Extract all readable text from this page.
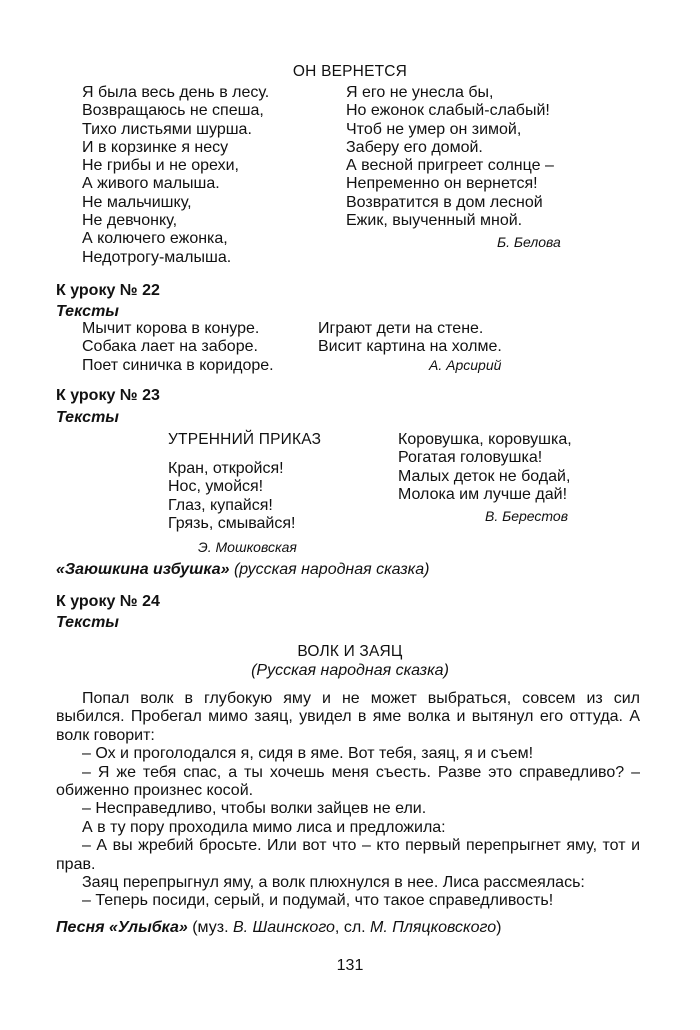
ОН ВЕРНЕТСЯ
Я была весь день в лесу.
Возвращаюсь не спеша,
Тихо листьями шурша.
И в корзинке я несу
Не грибы и не орехи,
А живого малыша.
Не мальчишку,
Не девчонку,
А колючего ежонка,
Недотрогу-малыша.
Я его не унесла бы,
Но ежонок слабый-слабый!
Чтоб не умер он зимой,
Заберу его домой.
А весной пригреет солнце –
Непременно он вернется!
Возвратится в дом лесной
Ежик, выученный мной.
Б. Белова
К уроку № 22
Тексты
Мычит корова в конуре.
Собака лает на заборе.
Поет синичка в коридоре.
Играют дети на стене.
Висит картина на холме.
А. Арсирий
К уроку № 23
Тексты
УТРЕННИЙ ПРИКАЗ
Кран, откройся!
Нос, умойся!
Глаз, купайся!
Грязь, смывайся!
Э. Мошковская
Коровушка, коровушка,
Рогатая головушка!
Малых деток не бодай,
Молока им лучше дай!
В. Берестов
«Заюшкина избушка» (русская народная сказка)
К уроку № 24
Тексты
ВОЛК И ЗАЯЦ
(Русская народная сказка)

Попал волк в глубокую яму и не может выбраться, совсем из сил выбился. Пробегал мимо заяц, увидел в яме волка и вытянул его оттуда. А волк говорит:

– Ох и проголодался я, сидя в яме. Вот тебя, заяц, я и съем!

– Я же тебя спас, а ты хочешь меня съесть. Разве это справедливо? – обиженно произнес косой.

– Несправедливо, чтобы волки зайцев не ели.

А в ту пору проходила мимо лиса и предложила:

– А вы жребий бросьте. Или вот что – кто первый перепрыгнет яму, тот и прав.

Заяц перепрыгнул яму, а волк плюхнулся в нее. Лиса рассмеялась:

– Теперь посиди, серый, и подумай, что такое справедливость!

Песня «Улыбка» (муз. В. Шаинского, сл. М. Пляцковского)
131
